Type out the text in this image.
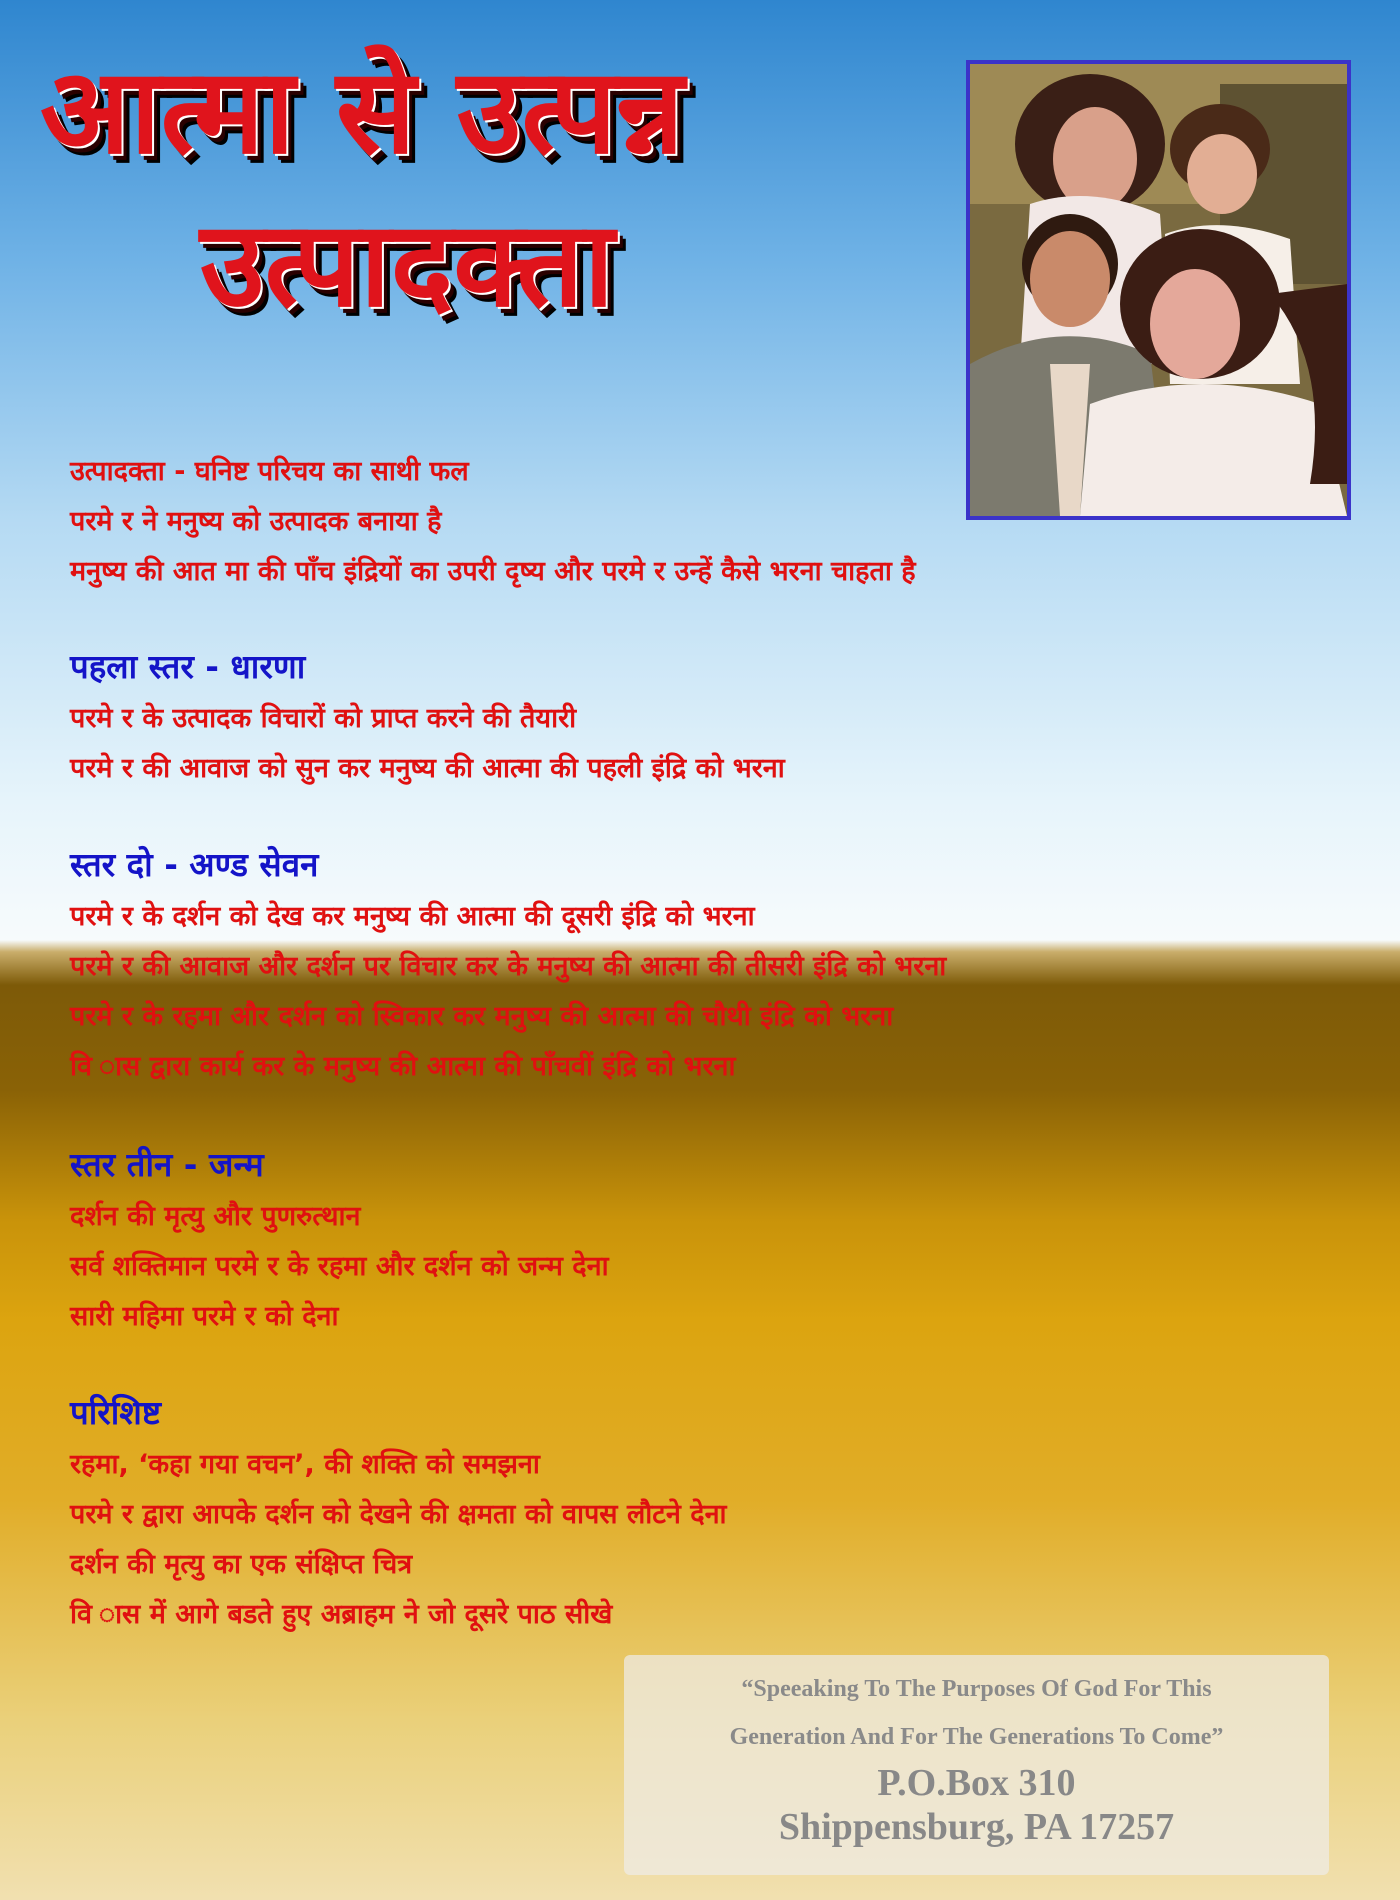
आत्मा से उत्पन्न
उत्पादक्ता
उत्पादक्ता - घनिष्ट परिचय का साथी फल
परमे र ने मनुष्य को उत्पादक बनाया है
मनुष्य की आत मा की पाँच इंद्रियों का उपरी दृष्य और परमे र उन्हें कैसे भरना चाहता है
पहला स्तर - धारणा
परमे र के उत्पादक विचारों को प्राप्त करने की तैयारी
परमे र की आवाज को सुन कर मनुष्य की आत्मा की पहली इंद्रि को भरना
स्तर दो - अण्ड सेवन
परमे र के दर्शन को देख कर मनुष्य की आत्मा की दूसरी इंद्रि को भरना
परमे र की आवाज और दर्शन पर विचार कर के मनुष्य की आत्मा की तीसरी इंद्रि को भरना
परमे र के रहमा और दर्शन को स्विकार कर मनुष्य की आत्मा की चौथी इंद्रि को भरना
वि ास द्वारा कार्य कर के मनुष्य की आत्मा की पाँचवीं इंद्रि को भरना
स्तर तीन - जन्म
दर्शन की मृत्यु और पुणरुत्थान
सर्व शक्तिमान परमे र के रहमा और दर्शन को जन्म देना
सारी महिमा परमे र को देना
परिशिष्ट
रहमा, ‘कहा गया वचन’, की शक्ति को समझना
परमे र द्वारा आपके दर्शन को देखने की क्षमता को वापस लौटने देना
दर्शन की मृत्यु का एक संक्षिप्त चित्र
वि ास में आगे बडते हुए अब्राहम ने जो दूसरे पाठ सीखे
“Speeaking To The Purposes Of God For This
Generation And For The Generations To Come”
P.O.Box 310
Shippensburg, PA 17257
